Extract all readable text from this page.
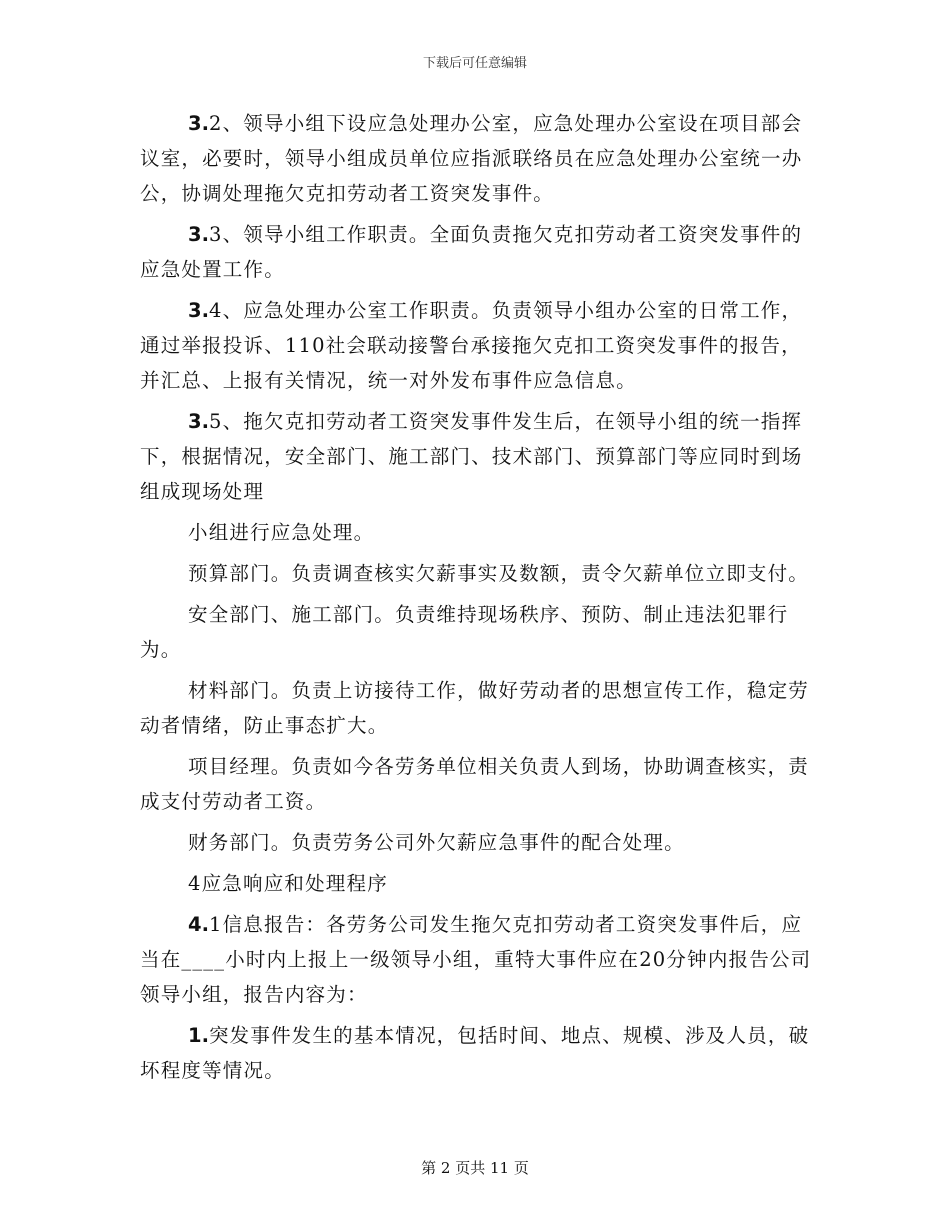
下载后可任意编辑

3.2、领导小组下设应急处理办公室，应急处理办公室设在项目部会议室，必要时，领导小组成员单位应指派联络员在应急处理办公室统一办公，协调处理拖欠克扣劳动者工资突发事件。

3.3、领导小组工作职责。全面负责拖欠克扣劳动者工资突发事件的应急处置工作。

3.4、应急处理办公室工作职责。负责领导小组办公室的日常工作，通过举报投诉、110社会联动接警台承接拖欠克扣工资突发事件的报告，并汇总、上报有关情况，统一对外发布事件应急信息。

3.5、拖欠克扣劳动者工资突发事件发生后，在领导小组的统一指挥下，根据情况，安全部门、施工部门、技术部门、预算部门等应同时到场组成现场处理

小组进行应急处理。

预算部门。负责调查核实欠薪事实及数额，责令欠薪单位立即支付。

安全部门、施工部门。负责维持现场秩序、预防、制止违法犯罪行为。

材料部门。负责上访接待工作，做好劳动者的思想宣传工作，稳定劳动者情绪，防止事态扩大。

项目经理。负责如今各劳务单位相关负责人到场，协助调查核实，责成支付劳动者工资。

财务部门。负责劳务公司外欠薪应急事件的配合处理。

4应急响应和处理程序

4.1信息报告：各劳务公司发生拖欠克扣劳动者工资突发事件后，应当在____小时内上报上一级领导小组，重特大事件应在20分钟内报告公司领导小组，报告内容为：

1.突发事件发生的基本情况，包括时间、地点、规模、涉及人员，破坏程度等情况。

第 2 页共 11 页
